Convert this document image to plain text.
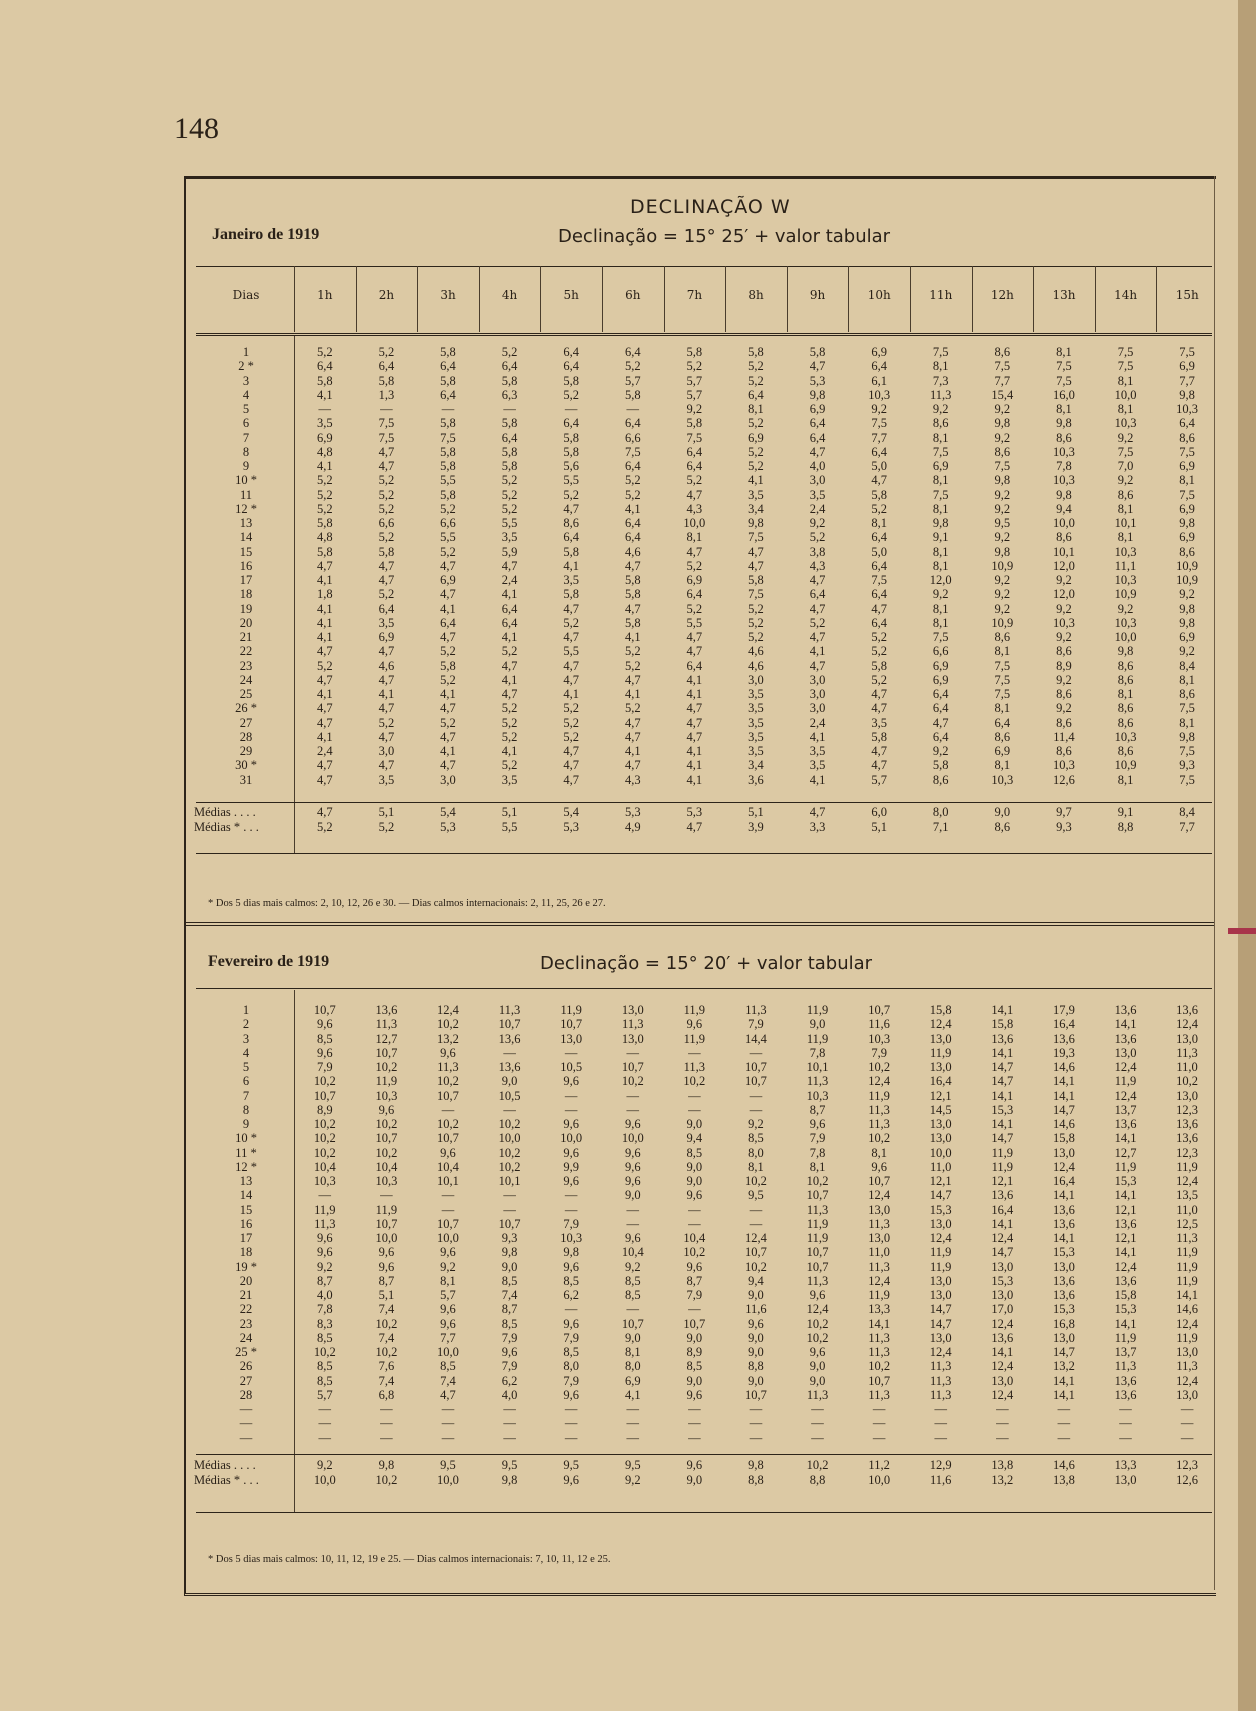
148
DECLINAÇÃO W
Janeiro de 1919	Declinação = 15° 25′ + valor tabular
Dias	1h	2h	3h	4h	5h	6h	7h	8h	9h	10h	11h	12h	13h	14h	15h
1	5,2	5,2	5,8	5,2	6,4	6,4	5,8	5,8	5,8	6,9	7,5	8,6	8,1	7,5	7,5
2 *	6,4	6,4	6,4	6,4	6,4	5,2	5,2	5,2	4,7	6,4	8,1	7,5	7,5	7,5	6,9
3	5,8	5,8	5,8	5,8	5,8	5,7	5,7	5,2	5,3	6,1	7,3	7,7	7,5	8,1	7,7
4	4,1	1,3	6,4	6,3	5,2	5,8	5,7	6,4	9,8	10,3	11,3	15,4	16,0	10,0	9,8
5	—	—	—	—	—	—	9,2	8,1	6,9	9,2	9,2	9,2	8,1	8,1	10,3
6	3,5	7,5	5,8	5,8	6,4	6,4	5,8	5,2	6,4	7,5	8,6	9,8	9,8	10,3	6,4
7	6,9	7,5	7,5	6,4	5,8	6,6	7,5	6,9	6,4	7,7	8,1	9,2	8,6	9,2	8,6
8	4,8	4,7	5,8	5,8	5,8	7,5	6,4	5,2	4,7	6,4	7,5	8,6	10,3	7,5	7,5
9	4,1	4,7	5,8	5,8	5,6	6,4	6,4	5,2	4,0	5,0	6,9	7,5	7,8	7,0	6,9
10 *	5,2	5,2	5,5	5,2	5,5	5,2	5,2	4,1	3,0	4,7	8,1	9,8	10,3	9,2	8,1
11	5,2	5,2	5,8	5,2	5,2	5,2	4,7	3,5	3,5	5,8	7,5	9,2	9,8	8,6	7,5
12 *	5,2	5,2	5,2	5,2	4,7	4,1	4,3	3,4	2,4	5,2	8,1	9,2	9,4	8,1	6,9
13	5,8	6,6	6,6	5,5	8,6	6,4	10,0	9,8	9,2	8,1	9,8	9,5	10,0	10,1	9,8
14	4,8	5,2	5,5	3,5	6,4	6,4	8,1	7,5	5,2	6,4	9,1	9,2	8,6	8,1	6,9
15	5,8	5,8	5,2	5,9	5,8	4,6	4,7	4,7	3,8	5,0	8,1	9,8	10,1	10,3	8,6
16	4,7	4,7	4,7	4,7	4,1	4,7	5,2	4,7	4,3	6,4	8,1	10,9	12,0	11,1	10,9
17	4,1	4,7	6,9	2,4	3,5	5,8	6,9	5,8	4,7	7,5	12,0	9,2	9,2	10,3	10,9
18	1,8	5,2	4,7	4,1	5,8	5,8	6,4	7,5	6,4	6,4	9,2	9,2	12,0	10,9	9,2
19	4,1	6,4	4,1	6,4	4,7	4,7	5,2	5,2	4,7	4,7	8,1	9,2	9,2	9,2	9,8
20	4,1	3,5	6,4	6,4	5,2	5,8	5,5	5,2	5,2	6,4	8,1	10,9	10,3	10,3	9,8
21	4,1	6,9	4,7	4,1	4,7	4,1	4,7	5,2	4,7	5,2	7,5	8,6	9,2	10,0	6,9
22	4,7	4,7	5,2	5,2	5,5	5,2	4,7	4,6	4,1	5,2	6,6	8,1	8,6	9,8	9,2
23	5,2	4,6	5,8	4,7	4,7	5,2	6,4	4,6	4,7	5,8	6,9	7,5	8,9	8,6	8,4
24	4,7	4,7	5,2	4,1	4,7	4,7	4,1	3,0	3,0	5,2	6,9	7,5	9,2	8,6	8,1
25	4,1	4,1	4,1	4,7	4,1	4,1	4,1	3,5	3,0	4,7	6,4	7,5	8,6	8,1	8,6
26 *	4,7	4,7	4,7	5,2	5,2	5,2	4,7	3,5	3,0	4,7	6,4	8,1	9,2	8,6	7,5
27	4,7	5,2	5,2	5,2	5,2	4,7	4,7	3,5	2,4	3,5	4,7	6,4	8,6	8,6	8,1
28	4,1	4,7	4,7	5,2	5,2	4,7	4,7	3,5	4,1	5,8	6,4	8,6	11,4	10,3	9,8
29	2,4	3,0	4,1	4,1	4,7	4,1	4,1	3,5	3,5	4,7	9,2	6,9	8,6	8,6	7,5
30 *	4,7	4,7	4,7	5,2	4,7	4,7	4,1	3,4	3,5	4,7	5,8	8,1	10,3	10,9	9,3
31	4,7	3,5	3,0	3,5	4,7	4,3	4,1	3,6	4,1	5,7	8,6	10,3	12,6	8,1	7,5
Médias . . . .	4,7	5,1	5,4	5,1	5,4	5,3	5,3	5,1	4,7	6,0	8,0	9,0	9,7	9,1	8,4
Médias * . . .	5,2	5,2	5,3	5,5	5,3	4,9	4,7	3,9	3,3	5,1	7,1	8,6	9,3	8,8	7,7
* Dos 5 dias mais calmos: 2, 10, 12, 26 e 30. — Dias calmos internacionais: 2, 11, 25, 26 e 27.
Fevereiro de 1919	Declinação = 15° 20′ + valor tabular
1	10,7	13,6	12,4	11,3	11,9	13,0	11,9	11,3	11,9	10,7	15,8	14,1	17,9	13,6	13,6
2	9,6	11,3	10,2	10,7	10,7	11,3	9,6	7,9	9,0	11,6	12,4	15,8	16,4	14,1	12,4
3	8,5	12,7	13,2	13,6	13,0	13,0	11,9	14,4	11,9	10,3	13,0	13,6	13,6	13,6	13,0
4	9,6	10,7	9,6	—	—	—	—	—	7,8	7,9	11,9	14,1	19,3	13,0	11,3
5	7,9	10,2	11,3	13,6	10,5	10,7	11,3	10,7	10,1	10,2	13,0	14,7	14,6	12,4	11,0
6	10,2	11,9	10,2	9,0	9,6	10,2	10,2	10,7	11,3	12,4	16,4	14,7	14,1	11,9	10,2
7	10,7	10,3	10,7	10,5	—	—	—	—	10,3	11,9	12,1	14,1	14,1	12,4	13,0
8	8,9	9,6	—	—	—	—	—	—	8,7	11,3	14,5	15,3	14,7	13,7	12,3
9	10,2	10,2	10,2	10,2	9,6	9,6	9,0	9,2	9,6	11,3	13,0	14,1	14,6	13,6	13,6
10 *	10,2	10,7	10,7	10,0	10,0	10,0	9,4	8,5	7,9	10,2	13,0	14,7	15,8	14,1	13,6
11 *	10,2	10,2	9,6	10,2	9,6	9,6	8,5	8,0	7,8	8,1	10,0	11,9	13,0	12,7	12,3
12 *	10,4	10,4	10,4	10,2	9,9	9,6	9,0	8,1	8,1	9,6	11,0	11,9	12,4	11,9	11,9
13	10,3	10,3	10,1	10,1	9,6	9,6	9,0	10,2	10,2	10,7	12,1	12,1	16,4	15,3	12,4
14	—	—	—	—	—	9,0	9,6	9,5	10,7	12,4	14,7	13,6	14,1	14,1	13,5
15	11,9	11,9	—	—	—	—	—	—	11,3	13,0	15,3	16,4	13,6	12,1	11,0
16	11,3	10,7	10,7	10,7	7,9	—	—	—	11,9	11,3	13,0	14,1	13,6	13,6	12,5
17	9,6	10,0	10,0	9,3	10,3	9,6	10,4	12,4	11,9	13,0	12,4	12,4	14,1	12,1	11,3
18	9,6	9,6	9,6	9,8	9,8	10,4	10,2	10,7	10,7	11,0	11,9	14,7	15,3	14,1	11,9
19 *	9,2	9,6	9,2	9,0	9,6	9,2	9,6	10,2	10,7	11,3	11,9	13,0	13,0	12,4	11,9
20	8,7	8,7	8,1	8,5	8,5	8,5	8,7	9,4	11,3	12,4	13,0	15,3	13,6	13,6	11,9
21	4,0	5,1	5,7	7,4	6,2	8,5	7,9	9,0	9,6	11,9	13,0	13,0	13,6	15,8	14,1
22	7,8	7,4	9,6	8,7	—	—	—	11,6	12,4	13,3	14,7	17,0	15,3	15,3	14,6
23	8,3	10,2	9,6	8,5	9,6	10,7	10,7	9,6	10,2	14,1	14,7	12,4	16,8	14,1	12,4
24	8,5	7,4	7,7	7,9	7,9	9,0	9,0	9,0	10,2	11,3	13,0	13,6	13,0	11,9	11,9
25 *	10,2	10,2	10,0	9,6	8,5	8,1	8,9	9,0	9,6	11,3	12,4	14,1	14,7	13,7	13,0
26	8,5	7,6	8,5	7,9	8,0	8,0	8,5	8,8	9,0	10,2	11,3	12,4	13,2	11,3	11,3
27	8,5	7,4	7,4	6,2	7,9	6,9	9,0	9,0	9,0	10,7	11,3	13,0	14,1	13,6	12,4
28	5,7	6,8	4,7	4,0	9,6	4,1	9,6	10,7	11,3	11,3	11,3	12,4	14,1	13,6	13,0
—	—	—	—	—	—	—	—	—	—	—	—	—	—	—	—
—	—	—	—	—	—	—	—	—	—	—	—	—	—	—	—
—	—	—	—	—	—	—	—	—	—	—	—	—	—	—	—
Médias . . . .	9,2	9,8	9,5	9,5	9,5	9,5	9,6	9,8	10,2	11,2	12,9	13,8	14,6	13,3	12,3
Médias * . . .	10,0	10,2	10,0	9,8	9,6	9,2	9,0	8,8	8,8	10,0	11,6	13,2	13,8	13,0	12,6
* Dos 5 dias mais calmos: 10, 11, 12, 19 e 25. — Dias calmos internacionais: 7, 10, 11, 12 e 25.
